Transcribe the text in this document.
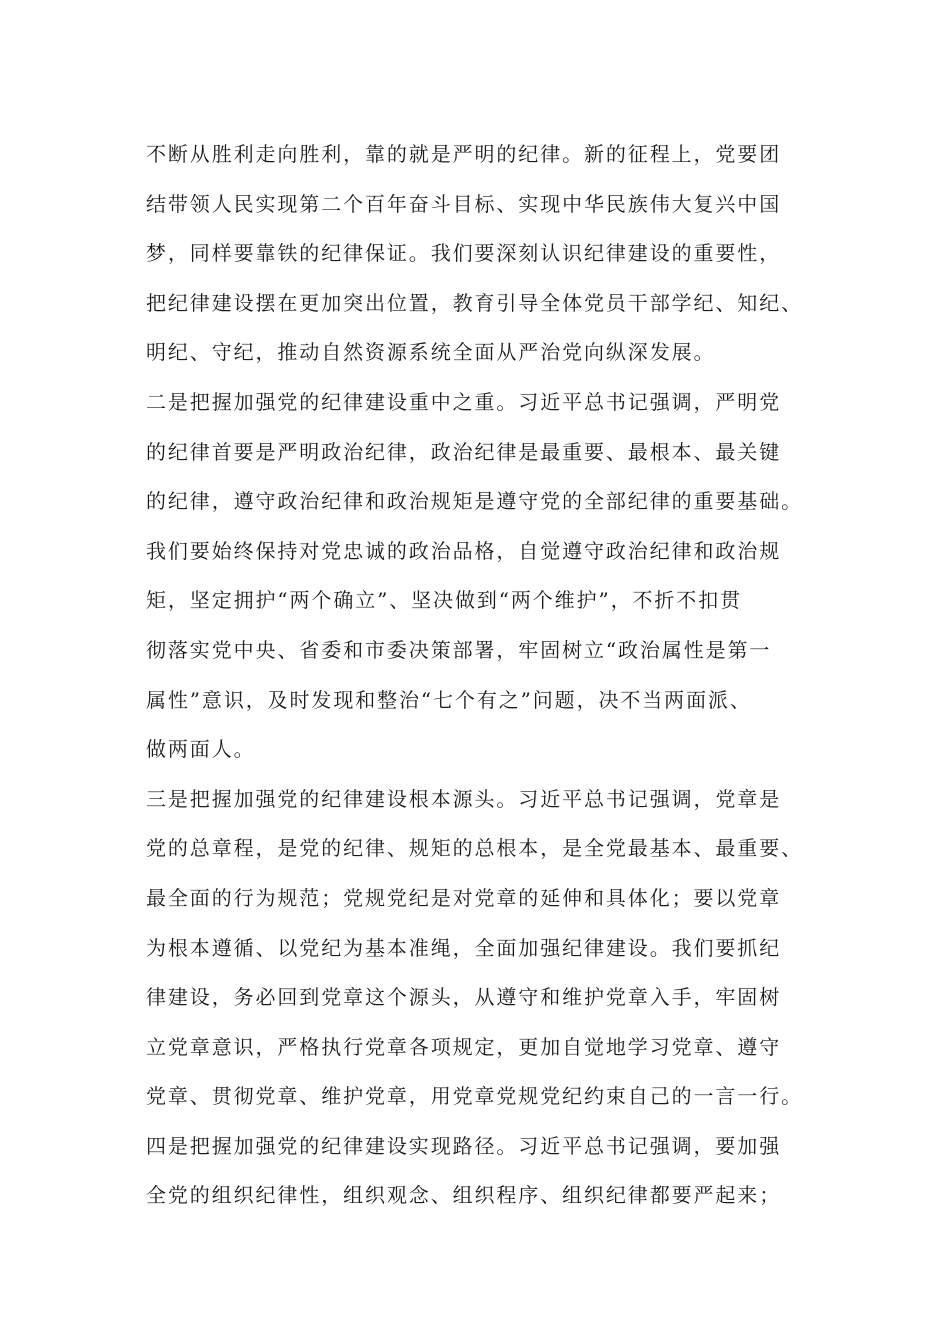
不断从胜利走向胜利，靠的就是严明的纪律。新的征程上，党要团
结带领人民实现第二个百年奋斗目标、实现中华民族伟大复兴中国
梦，同样要靠铁的纪律保证。我们要深刻认识纪律建设的重要性，
把纪律建设摆在更加突出位置，教育引导全体党员干部学纪、知纪、
明纪、守纪，推动自然资源系统全面从严治党向纵深发展。
二是把握加强党的纪律建设重中之重。习近平总书记强调，严明党
的纪律首要是严明政治纪律，政治纪律是最重要、最根本、最关键
的纪律，遵守政治纪律和政治规矩是遵守党的全部纪律的重要基础。
我们要始终保持对党忠诚的政治品格，自觉遵守政治纪律和政治规
矩，坚定拥护“两个确立”、坚决做到“两个维护”，不折不扣贯
彻落实党中央、省委和市委决策部署，牢固树立“政治属性是第一
属性”意识，及时发现和整治“七个有之”问题，决不当两面派、
做两面人。
三是把握加强党的纪律建设根本源头。习近平总书记强调，党章是
党的总章程，是党的纪律、规矩的总根本，是全党最基本、最重要、
最全面的行为规范；党规党纪是对党章的延伸和具体化；要以党章
为根本遵循、以党纪为基本准绳，全面加强纪律建设。我们要抓纪
律建设，务必回到党章这个源头，从遵守和维护党章入手，牢固树
立党章意识，严格执行党章各项规定，更加自觉地学习党章、遵守
党章、贯彻党章、维护党章，用党章党规党纪约束自己的一言一行。
四是把握加强党的纪律建设实现路径。习近平总书记强调，要加强
全党的组织纪律性，组织观念、组织程序、组织纪律都要严起来；
